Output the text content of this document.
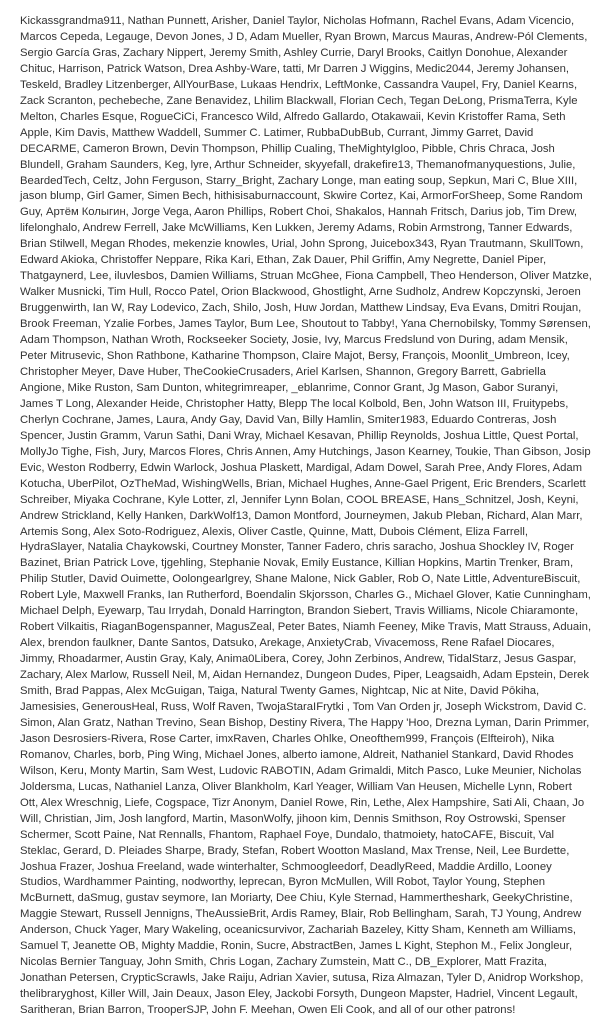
Kickassgrandma911, Nathan Punnett, Arisher, Daniel Taylor, Nicholas Hofmann, Rachel Evans, Adam Vicencio, Marcos Cepeda, Legauge, Devon Jones, J D, Adam Mueller, Ryan Brown, Marcus Mauras, Andrew-Pól Clements, Sergio García Gras, Zachary Nippert, Jeremy Smith, Ashley Currie, Daryl Brooks, Caitlyn Donohue, Alexander Chituc, Harrison, Patrick Watson, Drea Ashby-Ware, tatti, Mr Darren J Wiggins, Medic2044, Jeremy Johansen, Teskeld, Bradley Litzenberger, AllYourBase, Lukaas Hendrix, LeftMonke, Cassandra Vaupel, Fry, Daniel Kearns, Zack Scranton, pechebeche, Zane Benavidez, Lhilim Blackwall, Florian Cech, Tegan DeLong, PrismaTerra, Kyle Melton, Charles Esque, RogueCiCi, Francesco Wild, Alfredo Gallardo, Otakawaii, Kevin Kristoffer Rama, Seth Apple, Kim Davis, Matthew Waddell, Summer C. Latimer, RubbaDubBub, Currant, Jimmy Garret, David DECARME, Cameron Brown, Devin Thompson, Phillip Cualing, TheMightyIgloo, Pibble, Chris Chraca, Josh Blundell, Graham Saunders, Keg, lyre, Arthur Schneider, skyyefall, drakefire13, Themanofmanyquestions, Julie, BeardedTech, Celtz, John Ferguson, Starry_Bright, Zachary Longe, man eating soup, Sepkun, Mari C, Blue XIII, jason blump, Girl Gamer, Simen Bech, hithisisaburnaccount, Skwire Cortez, Kai, ArmorForSheep, Some Random Guy, Артём Колыгин, Jorge Vega, Aaron Phillips, Robert Choi, Shakalos, Hannah Fritsch, Darius job, Tim Drew, lifelonghalo, Andrew Ferrell, Jake McWilliams, Ken Lukken, Jeremy Adams, Robin Armstrong, Tanner Edwards, Brian Stilwell, Megan Rhodes, mekenzie knowles, Urial, John Sprong, Juicebox343, Ryan Trautmann, SkullTown, Edward Akioka, Christoffer Neppare, Rika Kari, Ethan, Zak Dauer, Phil Griffin, Amy Negrette, Daniel Piper, Thatgaynerd, Lee, iluvlesbos, Damien Williams, Struan McGhee, Fiona Campbell, Theo Henderson, Oliver Matzke, Walker Musnicki, Tim Hull, Rocco Patel, Orion Blackwood, Ghostlight, Arne Sudholz, Andrew Kopczynski, Jeroen Bruggenwirth, Ian W, Ray Lodevico, Zach, Shilo, Josh, Huw Jordan, Matthew Lindsay, Eva Evans, Dmitri Roujan, Brook Freeman, Yzalie Forbes, James Taylor, Bum Lee, Shoutout to Tabby!, Yana Chernobilsky, Tommy Sørensen, Adam Thompson, Nathan Wroth, Rockseeker Society, Josie, Ivy, Marcus Fredslund von During, adam Mensik, Peter Mitrusevic, Shon Rathbone, Katharine Thompson, Claire Majot, Bersy, François, Moonlit_Umbreon, Icey, Christopher Meyer, Dave Huber, TheCookieCrusaders, Ariel Karlsen, Shannon, Gregory Barrett, Gabriella Angione, Mike Ruston, Sam Dunton, whitegrimreaper, _eblanrime, Connor Grant, Jg Mason, Gabor Suranyi, James T Long, Alexander Heide, Christopher Hatty, Blepp The local Kolbold, Ben, John Watson III, Fruitypebs, Cherlyn Cochrane, James, Laura, Andy Gay, David Van, Billy Hamlin, Smiter1983, Eduardo Contreras, Josh Spencer, Justin Gramm, Varun Sathi, Dani Wray, Michael Kesavan, Phillip Reynolds, Joshua Little, Quest Portal, MollyJo Tighe, Fish, Jury, Marcos Flores, Chris Annen, Amy Hutchings, Jason Kearney, Toukie, Than Gibson, Josip Evic, Weston Rodberry, Edwin Warlock, Joshua Plaskett, Mardigal, Adam Dowel, Sarah Pree, Andy Flores, Adam Kotucha, UberPilot, OzTheMad, WishingWells, Brian, Michael Hughes, Anne-Gael Prigent, Eric Brenders, Scarlett Schreiber, Miyaka Cochrane, Kyle Lotter, zl, Jennifer Lynn Bolan, COOL BREASE, Hans_Schnitzel, Josh, Keyni, Andrew Strickland, Kelly Hanken, DarkWolf13, Damon Montford, Journeymen, Jakub Pleban, Richard, Alan Marr, Artemis Song, Alex Soto-Rodriguez, Alexis, Oliver Castle, Quinne, Matt, Dubois Clément, Eliza Farrell, HydraSlayer, Natalia Chaykowski, Courtney Monster, Tanner Fadero, chris saracho, Joshua Shockley IV, Roger Bazinet, Brian Patrick Love, tjgehling, Stephanie Novak, Emily Eustance, Killian Hopkins, Martin Trenker, Bram, Philip Stutler, David Ouimette, Oolongearlgrey, Shane Malone, Nick Gabler, Rob O, Nate Little, AdventureBiscuit, Robert Lyle, Maxwell Franks, Ian Rutherford, Boendalin Skjorsson, Charles G., Michael Glover, Katie Cunningham, Michael Delph, Eyewarp, Tau Irrydah, Donald Harrington, Brandon Siebert, Travis Williams, Nicole Chiaramonte, Robert Vilkaitis, RiaganBogenspanner, MagusZeal, Peter Bates, Niamh Feeney, Mike Travis, Matt Strauss, Aduain, Alex, brendon faulkner, Dante Santos, Datsuko, Arekage, AnxietyCrab, Vivacemoss, Rene Rafael Diocares, Jimmy, Rhoadarmer, Austin Gray, Kaly, Anima0Libera, Corey, John Zerbinos, Andrew, TidalStarz, Jesus Gaspar, Zachary, Alex Marlow, Russell Neil, M, Aidan Hernandez, Dungeon Dudes, Piper, Leagsaidh, Adam Epstein, Derek Smith, Brad Pappas, Alex McGuigan, Taiga, Natural Twenty Games, Nightcap, Nic at Nite, David Pōkiha, Jamesisies, GenerousHeal, Russ, Wolf Raven, TwojaStaraIFrytki , Tom Van Orden jr, Joseph Wickstrom, David C. Simon, Alan Gratz, Nathan Trevino, Sean Bishop, Destiny Rivera, The Happy 'Hoo, Drezna Lyman, Darin Primmer, Jason Desrosiers-Rivera, Rose Carter, imxRaven, Charles Ohlke, Oneofthem999, François (Elfteiroh), Nika Romanov, Charles, borb, Ping Wing, Michael Jones, alberto iamone, Aldreit, Nathaniel Stankard, David Rhodes Wilson, Keru, Monty Martin, Sam West, Ludovic RABOTIN, Adam Grimaldi, Mitch Pasco, Luke Meunier, Nicholas Joldersma, Lucas, Nathaniel Lanza, Oliver Blankholm, Karl Yeager, William Van Heusen, Michelle Lynn, Robert Ott, Alex Wreschnig, Liefe, Cogspace, Tizr Anonym, Daniel Rowe, Rin, Lethe, Alex Hampshire, Sati Ali, Chaan, Jo Will, Christian, Jim, Josh langford, Martin, MasonWolfy, jihoon kim, Dennis Smithson, Roy Ostrowski, Spenser Schermer, Scott Paine, Nat Rennalls, Fhantom, Raphael Foye, Dundalo, thatmoiety, hatoCAFE, Biscuit, Val Steklac, Gerard, D. Pleiades Sharpe, Brady, Stefan, Robert Wootton Masland, Max Trense, Neil, Lee Burdette, Joshua Frazer, Joshua Freeland, wade winterhalter, Schmoogleedorf, DeadlyReed, Maddie Ardillo, Looney Studios, Wardhammer Painting, nodworthy, leprecan, Byron McMullen, Will Robot, Taylor Young, Stephen McBurnett, daSmug, gustav seymore, Ian Moriarty, Dee Chiu, Kyle Sternad, Hammertheshark, GeekyChristine, Maggie Stewart, Russell Jennigns, TheAussieBrit, Ardis Ramey, Blair, Rob Bellingham, Sarah, TJ Young, Andrew Anderson, Chuck Yager, Mary Wakeling, oceanicsurvivor, Zachariah Bazeley, Kitty Sham, Kenneth am Williams, Samuel T, Jeanette OB, Mighty Maddie, Ronin, Sucre, AbstractBen, James L Kight, Stephon M., Felix Jongleur, Nicolas Bernier Tanguay, John Smith, Chris Logan, Zachary Zumstein, Matt C., DB_Explorer, Matt Frazita, Jonathan Petersen, CrypticScrawls, Jake Raiju, Adrian Xavier, sutusa, Riza Almazan, Tyler D, Anidrop Workshop, thelibraryghost, Killer Will, Jain Deaux, Jason Eley, Jackobi Forsyth, Dungeon Mapster, Hadriel, Vincent Legault, Saritheran, Brian Barron, TrooperSJP, John F. Meehan, Owen Eli Cook, and all of our other patrons!
